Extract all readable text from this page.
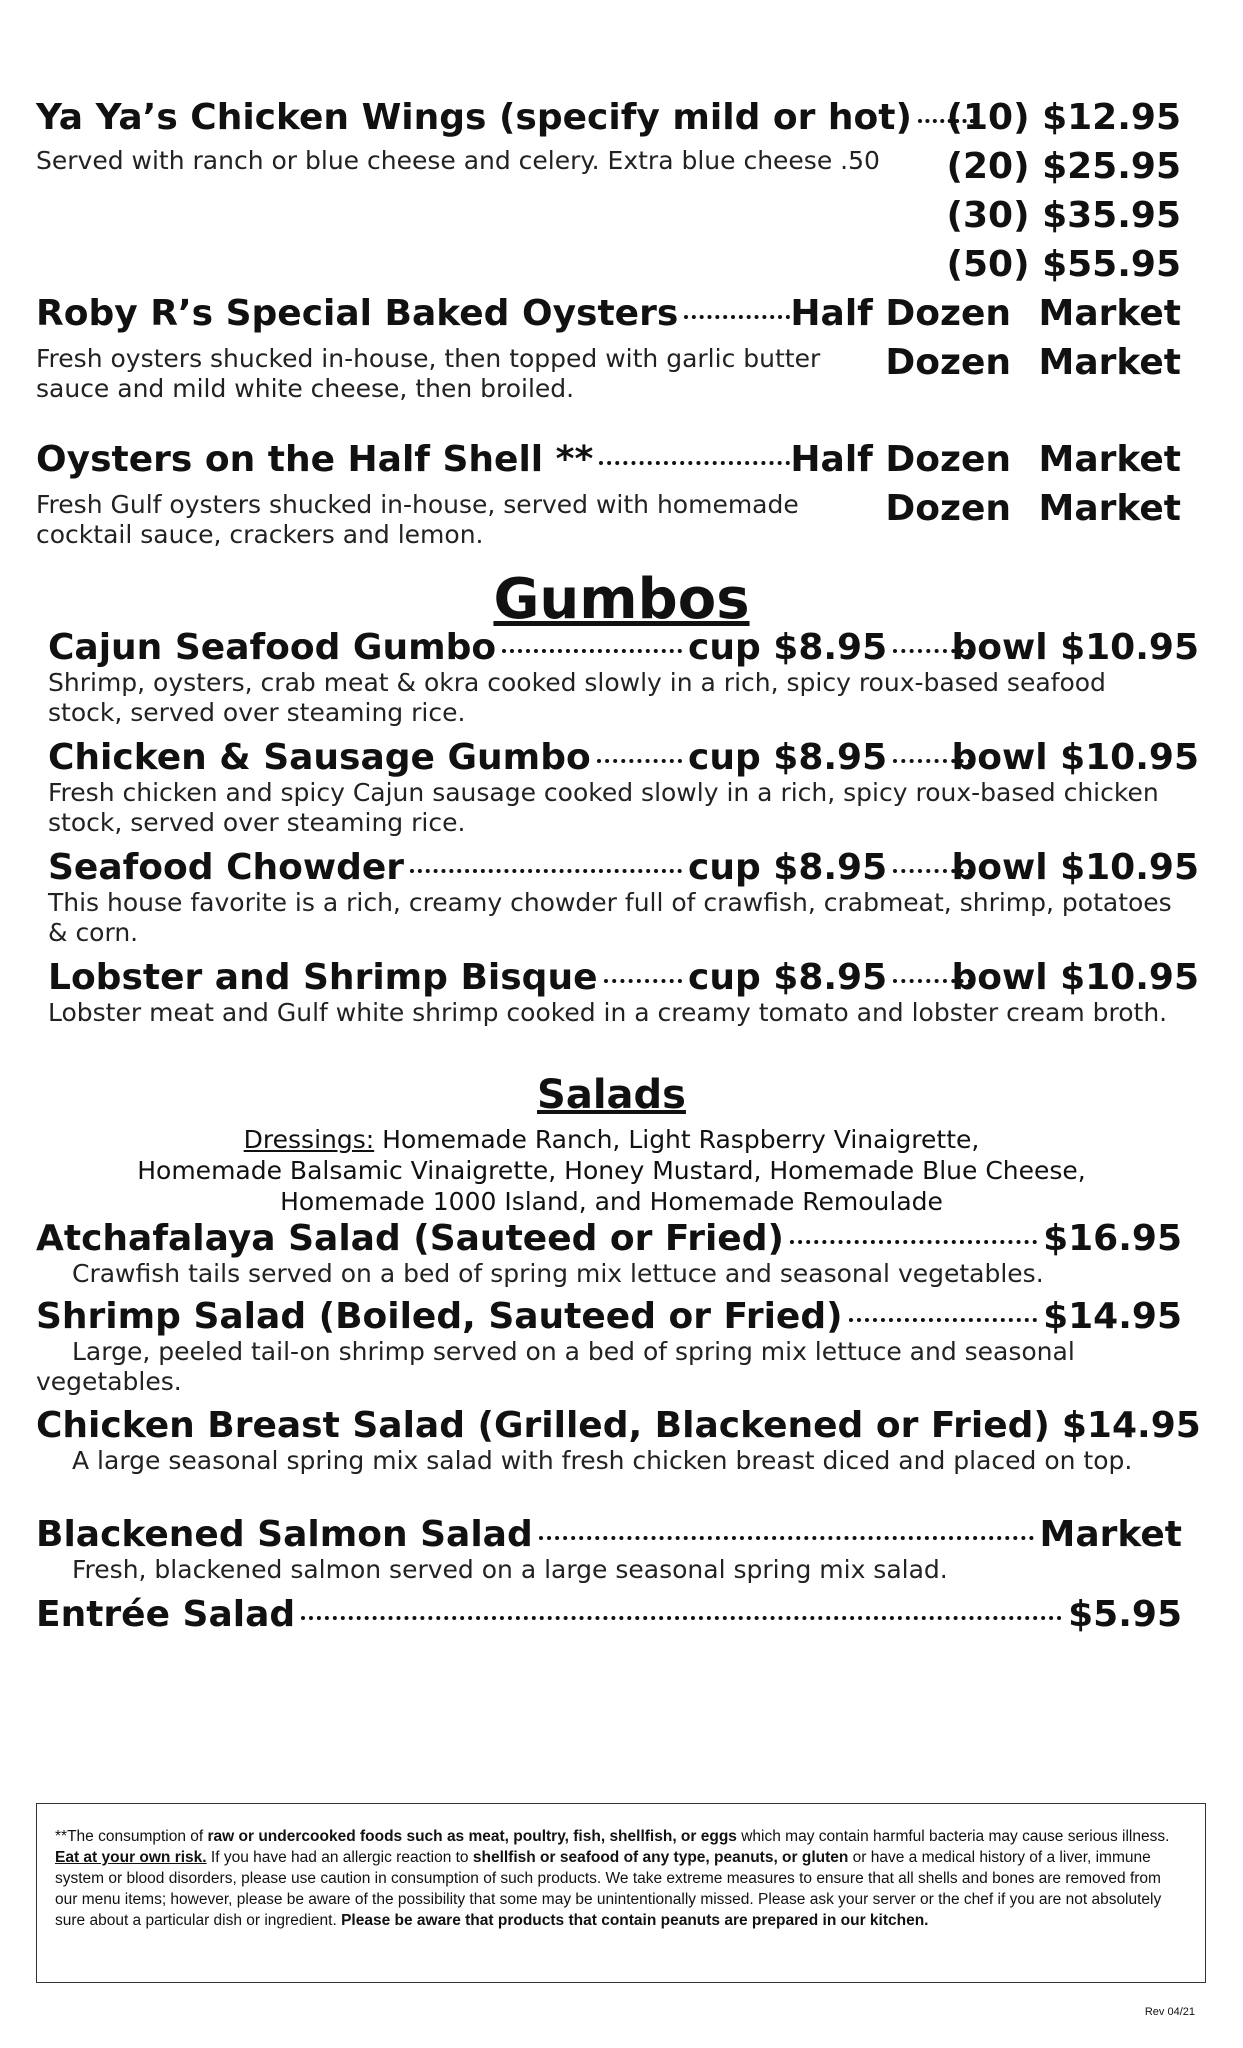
Ya Ya’s Chicken Wings (specify mild or hot) (10) $12.95
Served with ranch or blue cheese and celery. Extra blue cheese .50 (20) $25.95
(30) $35.95
(50) $55.95
Roby R’s Special Baked Oysters	Half Dozen Market
Fresh oysters shucked in-house, then topped with garlic butter sauce and mild white cheese, then broiled.
Dozen Market
Oysters on the Half Shell **	Half Dozen Market
Fresh Gulf oysters shucked in-house, served with homemade cocktail sauce, crackers and lemon.
Dozen Market
Gumbos
Cajun Seafood Gumbo	cup $8.95 bowl $10.95
Shrimp, oysters, crab meat & okra cooked slowly in a rich, spicy roux-based seafood stock, served over steaming rice.
Chicken & Sausage Gumbo	cup $8.95 bowl $10.95
Fresh chicken and spicy Cajun sausage cooked slowly in a rich, spicy roux-based chicken stock, served over steaming rice.
Seafood Chowder	cup $8.95 bowl $10.95
This house favorite is a rich, creamy chowder full of crawfish, crabmeat, shrimp, potatoes & corn.
Lobster and Shrimp Bisque	cup $8.95 bowl $10.95
Lobster meat and Gulf white shrimp cooked in a creamy tomato and lobster cream broth.
Salads
Dressings: Homemade Ranch, Light Raspberry Vinaigrette,
Homemade Balsamic Vinaigrette, Honey Mustard, Homemade Blue Cheese,
Homemade 1000 Island, and Homemade Remoulade
Atchafalaya Salad (Sauteed or Fried)	$16.95
Crawfish tails served on a bed of spring mix lettuce and seasonal vegetables.
Shrimp Salad (Boiled, Sauteed or Fried)	$14.95
Large, peeled tail-on shrimp served on a bed of spring mix lettuce and seasonal vegetables.
Chicken Breast Salad (Grilled, Blackened or Fried) $14.95
A large seasonal spring mix salad with fresh chicken breast diced and placed on top.
Blackened Salmon Salad	Market
Fresh, blackened salmon served on a large seasonal spring mix salad.
Entrée Salad	$5.95
**The consumption of raw or undercooked foods such as meat, poultry, fish, shellfish, or eggs which may contain harmful bacteria may cause serious illness. Eat at your own risk. If you have had an allergic reaction to shellfish or seafood of any type, peanuts, or gluten or have a medical history of a liver, immune system or blood disorders, please use caution in consumption of such products. We take extreme measures to ensure that all shells and bones are removed from our menu items; however, please be aware of the possibility that some may be unintentionally missed. Please ask your server or the chef if you are not absolutely sure about a particular dish or ingredient. Please be aware that products that contain peanuts are prepared in our kitchen.
Rev 04/21
